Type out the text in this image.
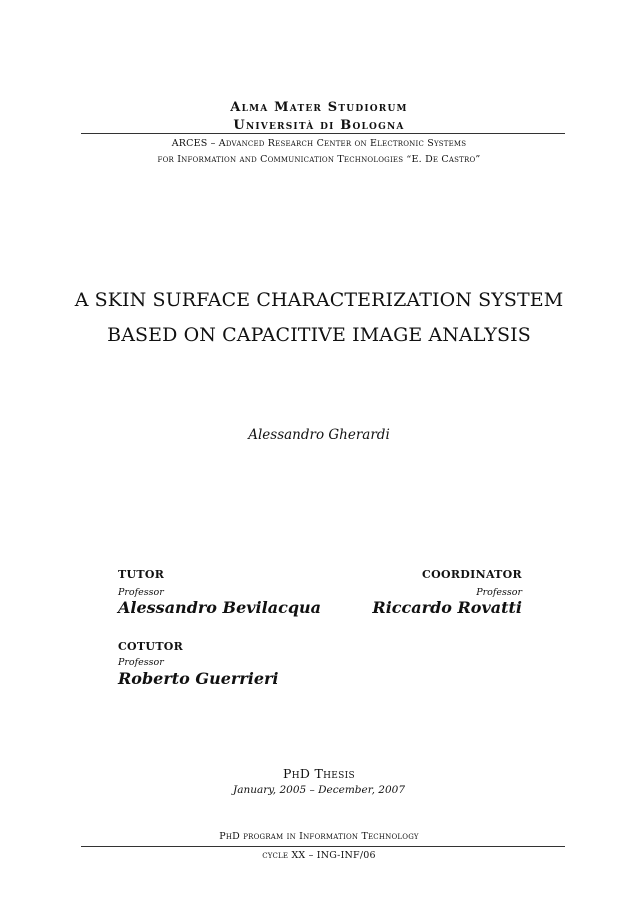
Alma Mater Studiorum
Università di Bologna
ARCES – Advanced Research Center on Electronic Systems
for Information and Communication Technologies “E. De Castro”
A SKIN SURFACE CHARACTERIZATION SYSTEM
BASED ON CAPACITIVE IMAGE ANALYSIS
Alessandro Gherardi
TUTOR
Professor
Alessandro Bevilacqua
COORDINATOR
Professor
Riccardo Rovatti
COTUTOR
Professor
Roberto Guerrieri
PhD Thesis
January, 2005 – December, 2007
PhD program in Information Technology
cycle XX – ING-INF/06
